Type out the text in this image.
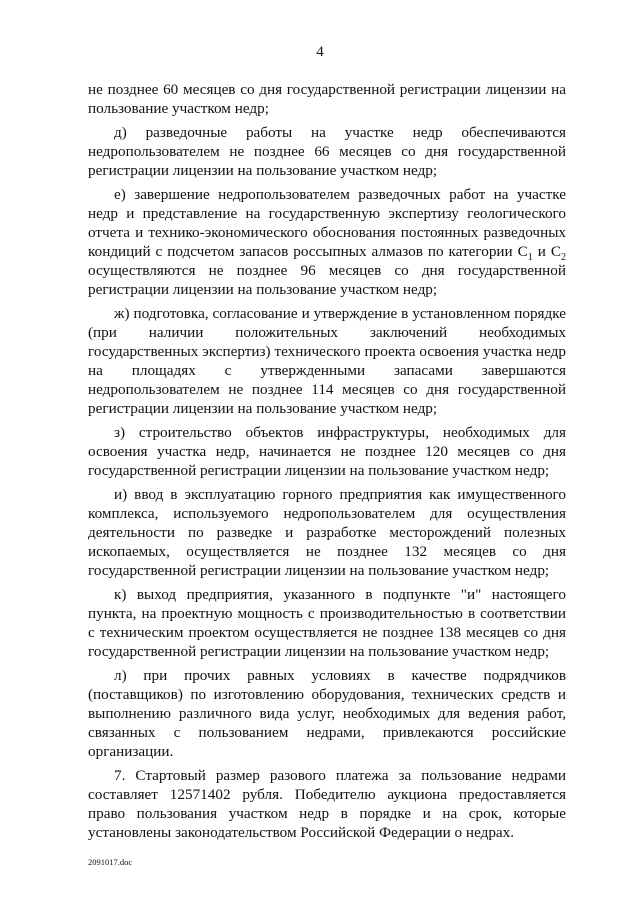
4

не позднее 60 месяцев со дня государственной регистрации лицензии на пользование участком недр;

д) разведочные работы на участке недр обеспечиваются недропользователем не позднее 66 месяцев со дня государственной регистрации лицензии на пользование участком недр;

е) завершение недропользователем разведочных работ на участке недр и представление на государственную экспертизу геологического отчета и технико-экономического обоснования постоянных разведочных кондиций с подсчетом запасов россыпных алмазов по категории $C_1$ и $C_2$ осуществляются не позднее 96 месяцев со дня государственной регистрации лицензии на пользование участком недр;

ж) подготовка, согласование и утверждение в установленном порядке (при наличии положительных заключений необходимых государственных экспертиз) технического проекта освоения участка недр на площадях с утвержденными запасами завершаются недропользователем не позднее 114 месяцев со дня государственной регистрации лицензии на пользование участком недр;

з) строительство объектов инфраструктуры, необходимых для освоения участка недр, начинается не позднее 120 месяцев со дня государственной регистрации лицензии на пользование участком недр;

и) ввод в эксплуатацию горного предприятия как имущественного комплекса, используемого недропользователем для осуществления деятельности по разведке и разработке месторождений полезных ископаемых, осуществляется не позднее 132 месяцев со дня государственной регистрации лицензии на пользование участком недр;

к) выход предприятия, указанного в подпункте "и" настоящего пункта, на проектную мощность с производительностью в соответствии с техническим проектом осуществляется не позднее 138 месяцев со дня государственной регистрации лицензии на пользование участком недр;

л) при прочих равных условиях в качестве подрядчиков (поставщиков) по изготовлению оборудования, технических средств и выполнению различного вида услуг, необходимых для ведения работ, связанных с пользованием недрами, привлекаются российские организации.

7. Стартовый размер разового платежа за пользование недрами составляет 12571402 рубля. Победителю аукциона предоставляется право пользования участком недр в порядке и на срок, которые установлены законодательством Российской Федерации о недрах.

2091017.doc
